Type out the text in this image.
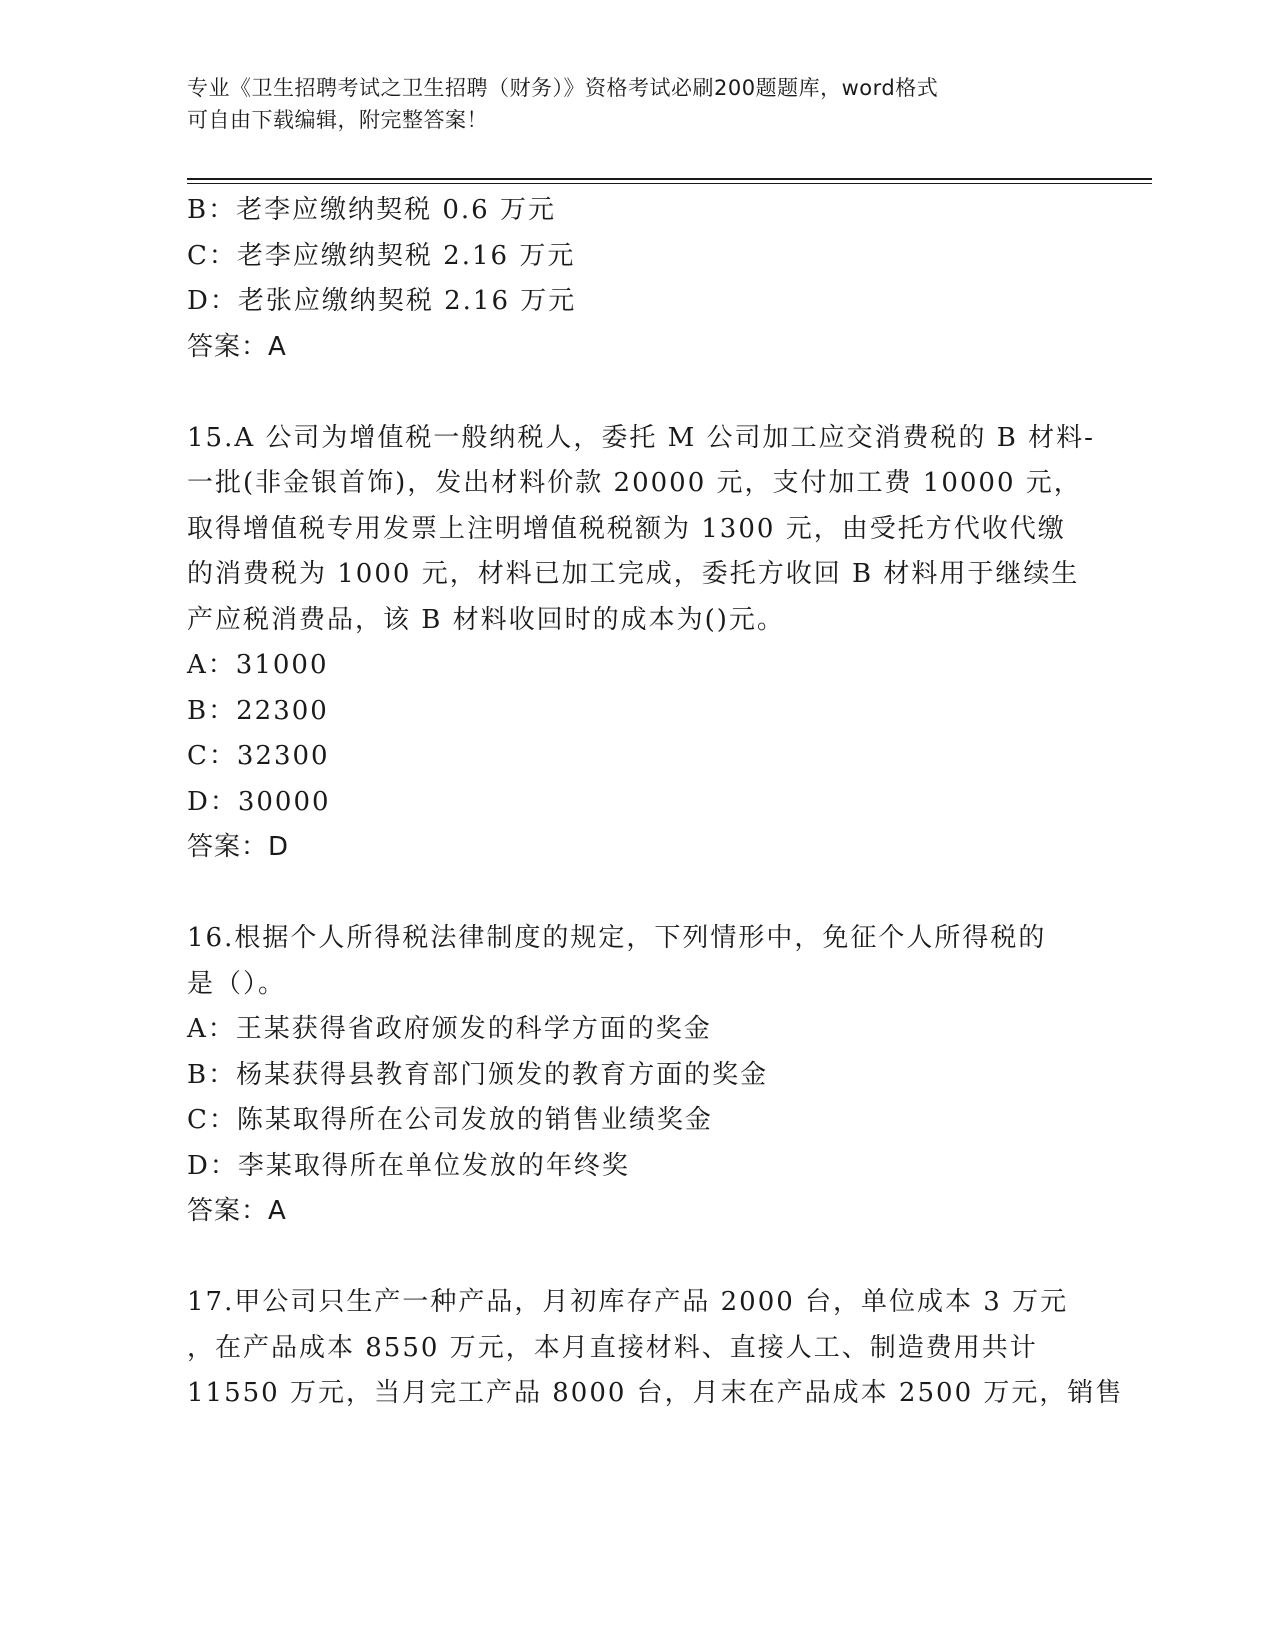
专业《卫生招聘考试之卫生招聘（财务）》资格考试必刷200题题库，word格式
可自由下载编辑，附完整答案！
B：老李应缴纳契税 0.6 万元
C：老李应缴纳契税 2.16 万元
D：老张应缴纳契税 2.16 万元
答案：A
15.A 公司为增值税一般纳税人，委托 M 公司加工应交消费税的 B 材料-
一批(非金银首饰)，发出材料价款 20000 元，支付加工费 10000 元，
取得增值税专用发票上注明增值税税额为 1300 元，由受托方代收代缴
的消费税为 1000 元，材料已加工完成，委托方收回 B 材料用于继续生
产应税消费品，该 B 材料收回时的成本为()元。
A：31000
B：22300
C：32300
D：30000
答案：D
16.根据个人所得税法律制度的规定，下列情形中，免征个人所得税的
是（）。
A：王某获得省政府颁发的科学方面的奖金
B：杨某获得县教育部门颁发的教育方面的奖金
C：陈某取得所在公司发放的销售业绩奖金
D：李某取得所在单位发放的年终奖
答案：A
17.甲公司只生产一种产品，月初库存产品 2000 台，单位成本 3 万元
，在产品成本 8550 万元，本月直接材料、直接人工、制造费用共计
11550 万元，当月完工产品 8000 台，月末在产品成本 2500 万元，销售
